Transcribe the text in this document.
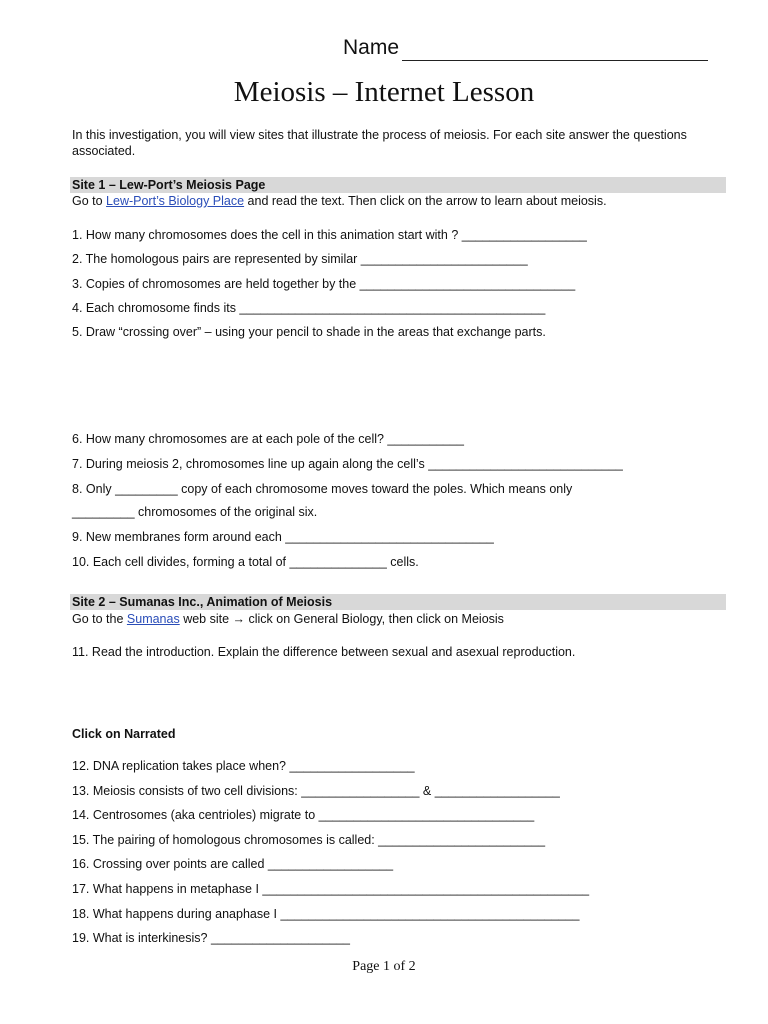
Name
Meiosis – Internet Lesson
In this investigation, you will view sites that illustrate the process of meiosis. For each site answer the questions associated.
Site 1 – Lew-Port’s Meiosis Page
Go to Lew-Port’s Biology Place and read the text. Then click on the arrow to learn about meiosis.
1. How many chromosomes does the cell in this animation start with ? __________________
2. The homologous pairs are represented by similar ________________________
3. Copies of chromosomes are held together by the _______________________________
4. Each chromosome finds its ____________________________________________
5. Draw “crossing over” – using your pencil to shade in the areas that exchange parts.
6. How many chromosomes are at each pole of the cell? ___________
7. During meiosis 2, chromosomes line up again along the cell’s ____________________________
8. Only _________ copy of each chromosome moves toward the poles. Which means only
_________ chromosomes of the original six.
9. New membranes form around each ______________________________
10. Each cell divides, forming a total of ______________ cells.
Site 2 – Sumanas Inc., Animation of Meiosis
Go to the Sumanas web site → click on General Biology, then click on Meiosis
11. Read the introduction. Explain the difference between sexual and asexual reproduction.
Click on Narrated
12. DNA replication takes place when? __________________
13. Meiosis consists of two cell divisions: _________________ & __________________
14. Centrosomes (aka centrioles) migrate to _______________________________
15. The pairing of homologous chromosomes is called: ________________________
16. Crossing over points are called __________________
17. What happens in metaphase I _______________________________________________
18. What happens during anaphase I ___________________________________________
19. What is interkinesis? ____________________
Page 1 of 2
